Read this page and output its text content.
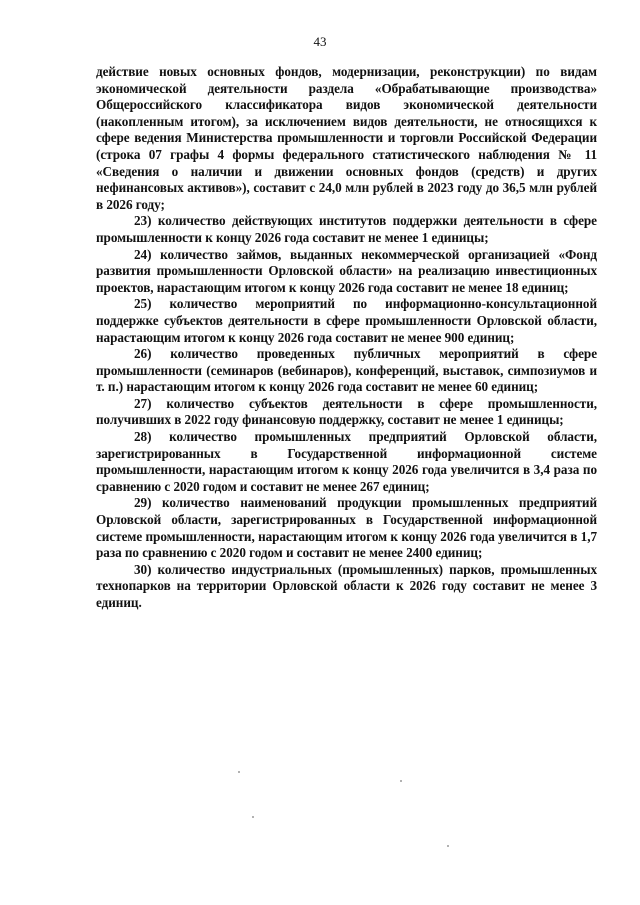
43

действие новых основных фондов, модернизации, реконструкции) по видам экономической деятельности раздела «Обрабатывающие производства» Общероссийского классификатора видов экономической деятельности (накопленным итогом), за исключением видов деятельности, не относящихся к сфере ведения Министерства промышленности и торговли Российской Федерации (строка 07 графы 4 формы федерального статистического наблюдения № 11 «Сведения о наличии и движении основных фондов (средств) и других нефинансовых активов»), составит с 24,0 млн рублей в 2023 году до 36,5 млн рублей в 2026 году;

23) количество действующих институтов поддержки деятельности в сфере промышленности к концу 2026 года составит не менее 1 единицы;

24) количество займов, выданных некоммерческой организацией «Фонд развития промышленности Орловской области» на реализацию инвестиционных проектов, нарастающим итогом к концу 2026 года составит не менее 18 единиц;

25) количество мероприятий по информационно-консультационной поддержке субъектов деятельности в сфере промышленности Орловской области, нарастающим итогом к концу 2026 года составит не менее 900 единиц;

26) количество проведенных публичных мероприятий в сфере промышленности (семинаров (вебинаров), конференций, выставок, симпозиумов и т. п.) нарастающим итогом к концу 2026 года составит не менее 60 единиц;

27) количество субъектов деятельности в сфере промышленности, получивших в 2022 году финансовую поддержку, составит не менее 1 единицы;

28) количество промышленных предприятий Орловской области, зарегистрированных в Государственной информационной системе промышленности, нарастающим итогом к концу 2026 года увеличится в 3,4 раза по сравнению с 2020 годом и составит не менее 267 единиц;

29) количество наименований продукции промышленных предприятий Орловской области, зарегистрированных в Государственной информационной системе промышленности, нарастающим итогом к концу 2026 года увеличится в 1,7 раза по сравнению с 2020 годом и составит не менее 2400 единиц;

30) количество индустриальных (промышленных) парков, промышленных технопарков на территории Орловской области к 2026 году составит не менее 3 единиц.
